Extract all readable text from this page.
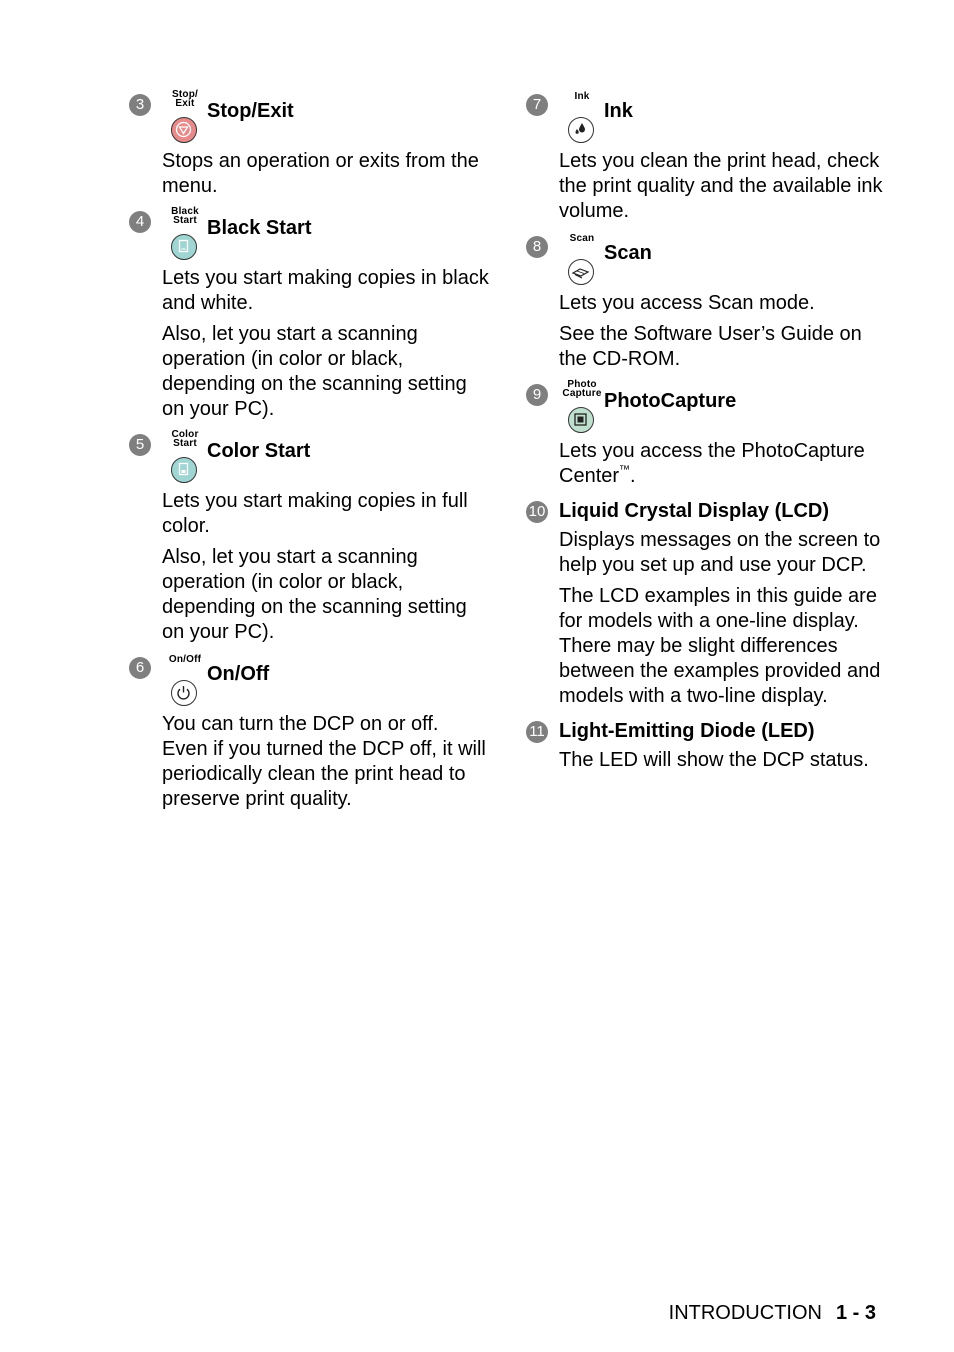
3
Stop/
Exit Stop/Exit

Stops an operation or exits from the menu.

4
Black
Start Black Start

Lets you start making copies in black and white.

Also, let you start a scanning operation (in color or black, depending on the scanning setting on your PC).

5
Color
Start Color Start

Lets you start making copies in full color.

Also, let you start a scanning operation (in color or black, depending on the scanning setting on your PC).

6	On/Off
On/Off

You can turn the DCP on or off. Even if you turned the DCP off, it will periodically clean the print head to preserve print quality.

7	Ink
Ink

Lets you clean the print head, check the print quality and the available ink volume.

8	Scan
Scan

Lets you access Scan mode.

See the Software User’s Guide on the CD-ROM.

9
Photo
Capture PhotoCapture

Lets you access the PhotoCapture Center™.

10 Liquid Crystal Display (LCD)

Displays messages on the screen to help you set up and use your DCP.

The LCD examples in this guide are for models with a one-line display. There may be slight differences between the examples provided and models with a two-line display.

11 Light-Emitting Diode (LED)

The LED will show the DCP status.

INTRODUCTION 1 - 3
